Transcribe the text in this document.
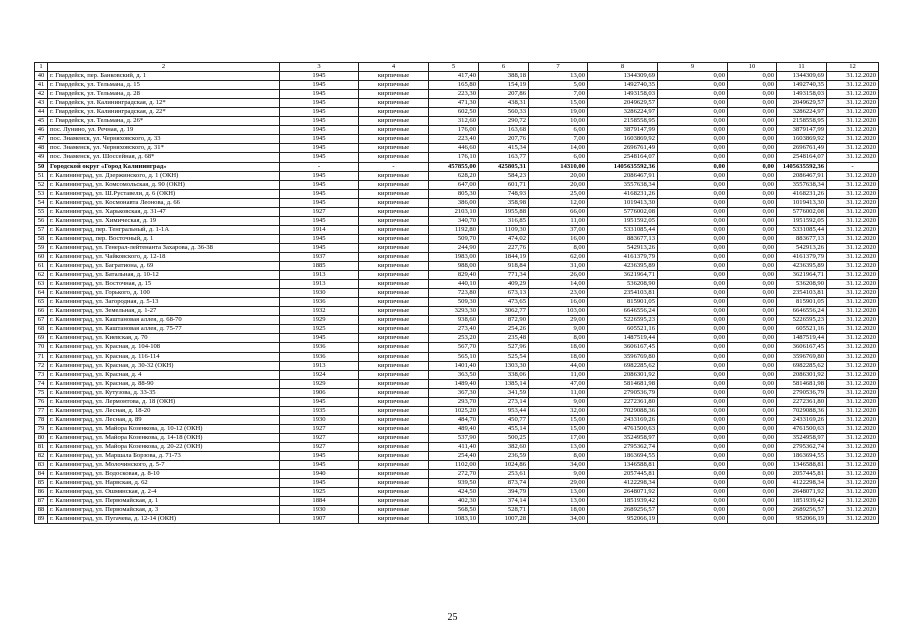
1	2	3	4	5	6	7	8	9	10	11	12
40	г. Гвардейск, пер. Банковский, д. 1	1945	кирпичные	417,40	388,18	13,00	1344309,69	0,00	0,00	1344309,69	31.12.2020
41	г. Гвардейск, ул. Тельмана, д. 15	1945	кирпичные	165,80	154,19	5,00	1492740,35	0,00	0,00	1492740,35	31.12.2020
42	г. Гвардейск, ул. Тельмана, д. 28	1945	кирпичные	223,30	207,86	7,00	1493158,03	0,00	0,00	1493158,03	31.12.2020
43	г. Гвардейск, ул. Калининградская, д. 12*	1945	кирпичные	471,30	438,31	15,00	2049629,57	0,00	0,00	2049629,57	31.12.2020
44	г. Гвардейск, ул. Калининградская, д. 22*	1945	кирпичные	602,50	560,33	19,00	3286224,97	0,00	0,00	3286224,97	31.12.2020
45	г. Гвардейск, ул. Тельмана, д. 26*	1945	кирпичные	312,60	290,72	10,00	2158558,95	0,00	0,00	2158558,95	31.12.2020
46	пос. Лунино, ул. Речная, д. 19	1945	кирпичные	176,00	163,68	6,00	3879147,99	0,00	0,00	3879147,99	31.12.2020
47	пос. Знаменск, ул. Черняховского, д. 33	1945	кирпичные	223,40	207,76	7,00	1603869,92	0,00	0,00	1603869,92	31.12.2020
48	пос. Знаменск, ул. Черняховского, д. 31*	1945	кирпичные	446,60	415,34	14,00	2696761,49	0,00	0,00	2696761,49	31.12.2020
49	пос. Знаменск, ул. Шоссейная, д. 68*	1945	кирпичные	176,10	163,77	6,00	2548164,07	0,00	0,00	2548164,07	31.12.2020
50	Городской округ «Город Калининград»	-	-	457855,00	425805,31	14310,00	1405635592,36	0,00	0,00	1405635592,36	-
51	г. Калининград, ул. Дзержинского, д. 1 (ОКН)	1945	кирпичные	628,20	584,23	20,00	2086467,91	0,00	0,00	2086467,91	31.12.2020
52	г. Калининград, ул. Комсомольская, д. 90 (ОКН)	1945	кирпичные	647,00	601,71	20,00	3557638,34	0,00	0,00	3557638,34	31.12.2020
53	г. Калининград, ул. Ш.Руставели, д. 6 (ОКН)	1945	кирпичные	805,30	748,93	25,00	4168231,26	0,00	0,00	4168231,26	31.12.2020
54	г. Калининград, ул. Космонавта Леонова, д. 66	1945	кирпичные	386,00	358,98	12,00	1019413,30	0,00	0,00	1019413,30	31.12.2020
55	г. Калининград, ул. Харьковская, д. 31-47	1927	кирпичные	2103,10	1955,88	66,00	5776002,08	0,00	0,00	5776002,08	31.12.2020
56	г. Калининград, ул. Химическая, д. 19	1945	кирпичные	340,70	316,85	11,00	1951592,05	0,00	0,00	1951592,05	31.12.2020
57	г. Калининград, пер. Тенгральный, д. 1-1А	1914	кирпичные	1192,80	1109,30	37,00	5331085,44	0,00	0,00	5331085,44	31.12.2020
58	г. Калининград, пер. Восточный, д. 1	1945	кирпичные	509,70	474,02	16,00	883677,13	0,00	0,00	883677,13	31.12.2020
59	г. Калининград, ул. Генерал-лейтенанта Захарова, д. 36-38	1945	кирпичные	244,90	227,76	8,00	542913,26	0,00	0,00	542913,26	31.12.2020
60	г. Калининград, ул. Чайковского, д. 12-18	1937	кирпичные	1983,00	1844,19	62,00	4161379,79	0,00	0,00	4161379,79	31.12.2020
61	г. Калининград, ул. Багратиона, д. 69	1885	кирпичные	988,00	918,84	31,00	4236395,89	0,00	0,00	4236395,89	31.12.2020
62	г. Калининград, ул. Батальная, д. 10-12	1913	кирпичные	829,40	771,34	26,00	3621964,71	0,00	0,00	3621964,71	31.12.2020
63	г. Калининград, ул. Восточная, д. 15	1913	кирпичные	440,10	409,29	14,00	536208,90	0,00	0,00	536208,90	31.12.2020
64	г. Калининград, ул. Горького, д. 100	1930	кирпичные	723,80	673,13	23,00	2354103,81	0,00	0,00	2354103,81	31.12.2020
65	г. Калининград, ул. Загородная, д. 5-13	1936	кирпичные	509,30	473,65	16,00	815901,05	0,00	0,00	815901,05	31.12.2020
66	г. Калининград, ул. Земельная, д. 1-27	1932	кирпичные	3293,30	3062,77	103,00	6646556,24	0,00	0,00	6646556,24	31.12.2020
67	г. Калининград, ул. Каштановая аллея, д. 68-70	1929	кирпичные	938,60	872,90	29,00	5226595,23	0,00	0,00	5226595,23	31.12.2020
68	г. Калининград, ул. Каштановая аллея, д. 75-77	1925	кирпичные	273,40	254,26	9,00	605521,16	0,00	0,00	605521,16	31.12.2020
69	г. Калининград, ул. Киевская, д. 70	1945	кирпичные	253,20	235,48	8,00	1487519,44	0,00	0,00	1487519,44	31.12.2020
70	г. Калининград, ул. Красная, д. 104-108	1936	кирпичные	567,70	527,96	18,00	3606167,45	0,00	0,00	3606167,45	31.12.2020
71	г. Калининград, ул. Красная, д. 116-114	1936	кирпичные	565,10	525,54	18,00	3596769,80	0,00	0,00	3596769,80	31.12.2020
72	г. Калининград, ул. Красная, д. 30-32 (ОКН)	1913	кирпичные	1401,40	1303,30	44,00	6982285,62	0,00	0,00	6982285,62	31.12.2020
73	г. Калининград, ул. Красная, д. 4	1924	кирпичные	363,50	338,06	11,00	2086301,92	0,00	0,00	2086301,92	31.12.2020
74	г. Калининград, ул. Красная, д. 88-90	1929	кирпичные	1489,40	1385,14	47,00	5814681,98	0,00	0,00	5814681,98	31.12.2020
75	г. Калининград, ул. Кутузова, д. 33-35	1906	кирпичные	367,30	341,59	11,00	2790536,79	0,00	0,00	2790536,79	31.12.2020
76	г. Калининград, ул. Лермонтова, д. 18 (ОКН)	1945	кирпичные	293,70	273,14	9,00	2272361,80	0,00	0,00	2272361,80	31.12.2020
77	г. Калининград, ул. Лесная, д. 18-20	1935	кирпичные	1025,20	953,44	32,00	7029088,36	0,00	0,00	7029088,36	31.12.2020
78	г. Калининград, ул. Лесная, д. 89	1930	кирпичные	484,70	450,77	15,00	2433169,26	0,00	0,00	2433169,26	31.12.2020
79	г. Калининград, ул. Майора Козенкова, д. 10-12 (ОКН)	1927	кирпичные	489,40	455,14	15,00	4761500,63	0,00	0,00	4761500,63	31.12.2020
80	г. Калининград, ул. Майора Козенкова, д. 14-18 (ОКН)	1927	кирпичные	537,90	500,25	17,00	3524958,97	0,00	0,00	3524958,97	31.12.2020
81	г. Калининград, ул. Майора Козенкова, д. 20-22 (ОКН)	1927	кирпичные	411,40	382,60	13,00	2795362,74	0,00	0,00	2795362,74	31.12.2020
82	г. Калининград, ул. Маршала Борзова, д. 71-73	1945	кирпичные	254,40	236,59	8,00	1863694,55	0,00	0,00	1863694,55	31.12.2020
83	г. Калининград, ул. Молочинского, д. 5-7	1945	кирпичные	1102,00	1024,86	34,00	1346588,81	0,00	0,00	1346588,81	31.12.2020
84	г. Калининград, ул. Водосковая, д. 8-10	1940	кирпичные	272,70	253,61	9,00	2057445,81	0,00	0,00	2057445,81	31.12.2020
85	г. Калининград, ул. Нарвская, д. 62	1945	кирпичные	939,50	873,74	29,00	4122298,34	0,00	0,00	4122298,34	31.12.2020
86	г. Калининград, ул. Ошмянская, д. 2-4	1925	кирпичные	424,50	394,79	13,00	2648071,92	0,00	0,00	2648071,92	31.12.2020
87	г. Калининград, ул. Первомайская, д. 1	1884	кирпичные	402,30	374,14	13,00	1851939,42	0,00	0,00	1851939,42	31.12.2020
88	г. Калининград, ул. Первомайская, д. 3	1930	кирпичные	568,50	528,71	18,00	2689256,57	0,00	0,00	2689256,57	31.12.2020
89	г. Калининград, ул. Пугачева, д. 12-14 (ОКН)	1907	кирпичные	1083,10	1007,28	34,00	952066,19	0,00	0,00	952066,19	31.12.2020
25
